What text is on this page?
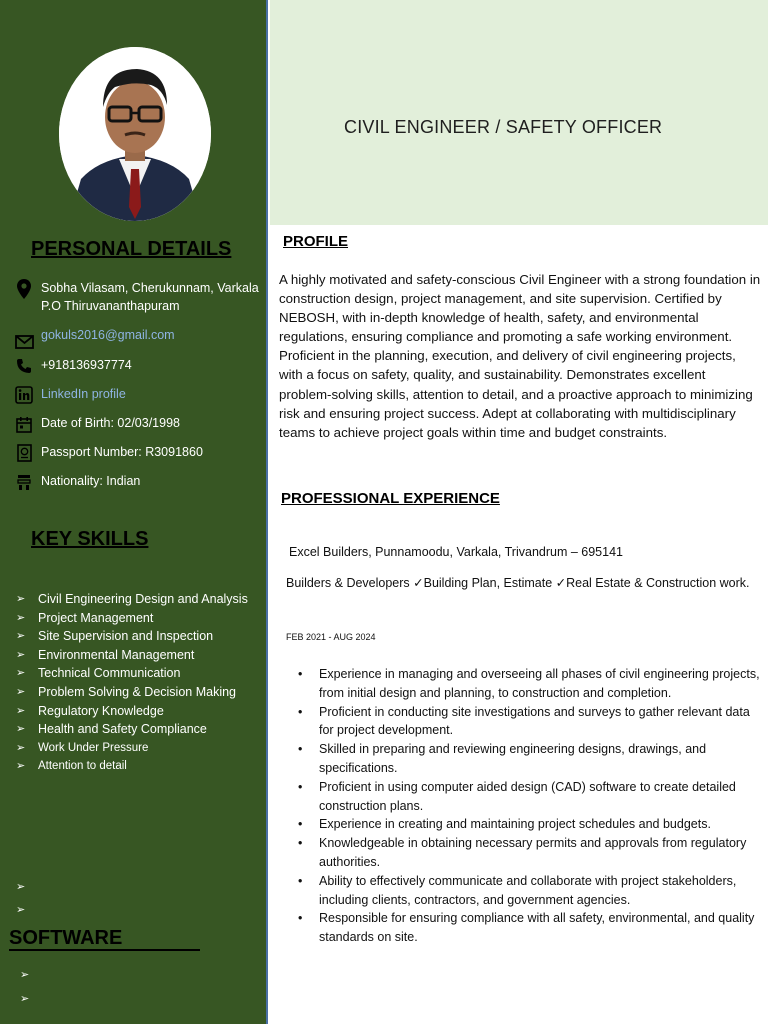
PERSONAL DETAILS
Sobha Vilasam, Cherukunnam, Varkala P.O Thiruvananthapuram
gokuls2016@gmail.com
+918136937774
LinkedIn profile
Date of Birth: 02/03/1998
Passport Number: R3091860
Nationality: Indian
KEY SKILLS
➢ Civil Engineering Design and Analysis
➢ Project Management
➢ Site Supervision and Inspection
➢ Environmental Management
➢ Technical Communication
➢ Problem Solving & Decision Making
➢ Regulatory Knowledge
➢ Health and Safety Compliance
➢ Work Under Pressure
➢ Attention to detail
➢
➢
SOFTWARE
➢
➢
CIVIL ENGINEER / SAFETY OFFICER
PROFILE
A highly motivated and safety-conscious Civil Engineer with a strong foundation in construction design, project management, and site supervision. Certified by NEBOSH, with in-depth knowledge of health, safety, and environmental regulations, ensuring compliance and promoting a safe working environment. Proficient in the planning, execution, and delivery of civil engineering projects, with a focus on safety, quality, and sustainability. Demonstrates excellent problem-solving skills, attention to detail, and a proactive approach to minimizing risk and ensuring project success. Adept at collaborating with multidisciplinary teams to achieve project goals within time and budget constraints.
PROFESSIONAL EXPERIENCE
Excel Builders, Punnamoodu, Varkala, Trivandrum – 695141
Builders & Developers ✓Building Plan, Estimate ✓Real Estate & Construction work.
FEB 2021 - AUG 2024
• Experience in managing and overseeing all phases of civil engineering projects, from initial design and planning, to construction and completion.
• Proficient in conducting site investigations and surveys to gather relevant data for project development.
• Skilled in preparing and reviewing engineering designs, drawings, and specifications.
• Proficient in using computer aided design (CAD) software to create detailed construction plans.
• Experience in creating and maintaining project schedules and budgets.
• Knowledgeable in obtaining necessary permits and approvals from regulatory authorities.
• Ability to effectively communicate and collaborate with project stakeholders, including clients, contractors, and government agencies.
• Responsible for ensuring compliance with all safety, environmental, and quality standards on site.
